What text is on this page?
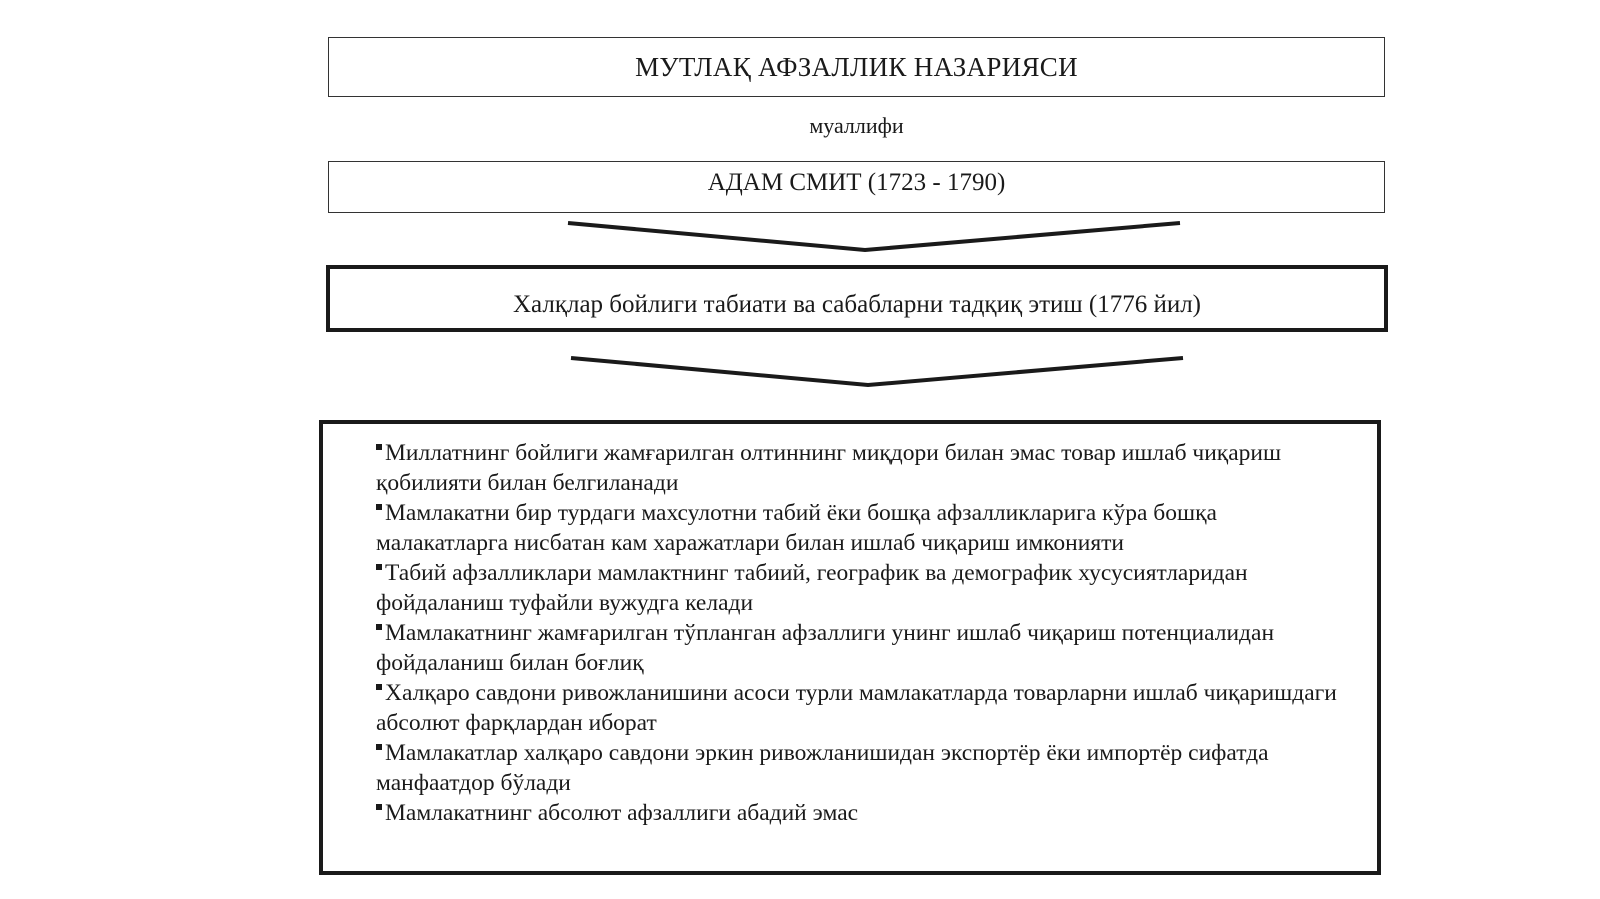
МУТЛАҚ АФЗАЛЛИК НАЗАРИЯСИ
муаллифи
АДАМ СМИТ (1723 - 1790)
Халқлар бойлиги табиати ва сабабларни тадқиқ этиш (1776 йил)
Миллатнинг бойлиги жамғарилган олтиннинг миқдори билан эмас товар ишлаб чиқариш қобилияти билан белгиланади
Мамлакатни бир турдаги махсулотни табий ёки бошқа афзалликларига кўра бошқа малакатларга нисбатан кам харажатлари билан ишлаб чиқариш имконияти
Табий афзалликлари мамлактнинг табиий, географик ва демографик хусусиятларидан фойдаланиш туфайли вужудга келади
Мамлакатнинг жамғарилган тўпланган афзаллиги унинг ишлаб чиқариш потенциалидан фойдаланиш билан боғлиқ
Халқаро савдони ривожланишини асоси турли мамлакатларда товарларни ишлаб чиқаришдаги абсолют фарқлардан иборат
Мамлакатлар халқаро савдони эркин ривожланишидан экспортёр ёки импортёр сифатда манфаатдор бўлади
Мамлакатнинг абсолют афзаллиги абадий эмас
